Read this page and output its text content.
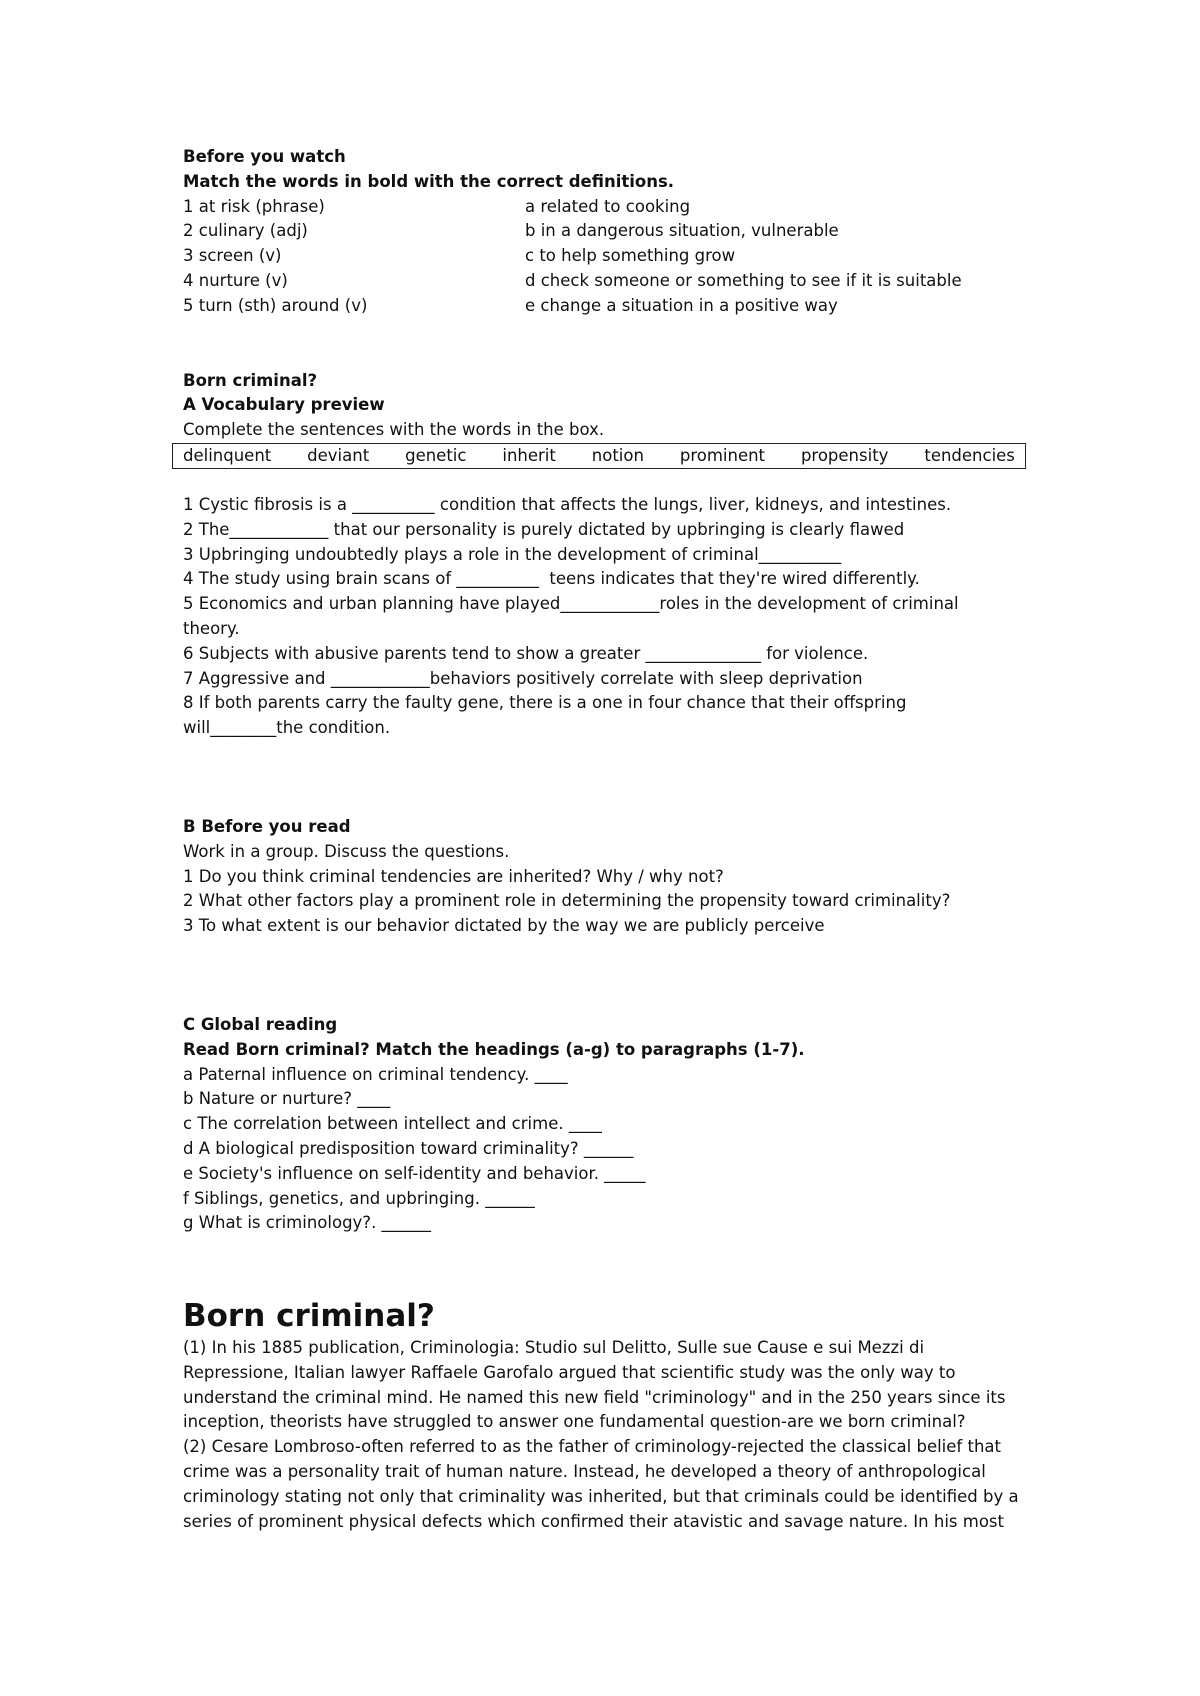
Before you watch
Match the words in bold with the correct definitions.
1 at risk (phrase)	a related to cooking
2 culinary (adj)	b in a dangerous situation, vulnerable
3 screen (v)	c to help something grow
4 nurture (v)	d check someone or something to see if it is suitable
5 turn (sth) around (v)	e change a situation in a positive way
Born criminal?
A Vocabulary preview
Complete the sentences with the words in the box.
delinquent deviant genetic inherit notion prominent propensity tendencies
1 Cystic fibrosis is a __________ condition that affects the lungs, liver, kidneys, and intestines.
2 The____________ that our personality is purely dictated by upbringing is clearly flawed
3 Upbringing undoubtedly plays a role in the development of criminal__________
4 The study using brain scans of __________  teens indicates that they're wired differently.
5 Economics and urban planning have played____________roles in the development of criminal
theory.
6 Subjects with abusive parents tend to show a greater ______________ for violence.
7 Aggressive and ____________behaviors positively correlate with sleep deprivation
8 If both parents carry the faulty gene, there is a one in four chance that their offspring
will________the condition.
B Before you read
Work in a group. Discuss the questions.
1 Do you think criminal tendencies are inherited? Why / why not?
2 What other factors play a prominent role in determining the propensity toward criminality?
3 To what extent is our behavior dictated by the way we are publicly perceive
C Global reading
Read Born criminal? Match the headings (a-g) to paragraphs (1-7).
a Paternal influence on criminal tendency. ____
b Nature or nurture? ____
c The correlation between intellect and crime. ____
d A biological predisposition toward criminality? ______
e Society's influence on self-identity and behavior. _____
f Siblings, genetics, and upbringing. ______
g What is criminology?. ______
Born criminal?
(1) In his 1885 publication, Criminologia: Studio sul Delitto, Sulle sue Cause e sui Mezzi di Repressione, Italian lawyer Raffaele Garofalo argued that scientific study was the only way to understand the criminal mind. He named this new field "criminology" and in the 250 years since its inception, theorists have struggled to answer one fundamental question-are we born criminal?
(2) Cesare Lombroso-often referred to as the father of criminology-rejected the classical belief that crime was a personality trait of human nature. Instead, he developed a theory of anthropological criminology stating not only that criminality was inherited, but that criminals could be identified by a series of prominent physical defects which confirmed their atavistic and savage nature. In his most
